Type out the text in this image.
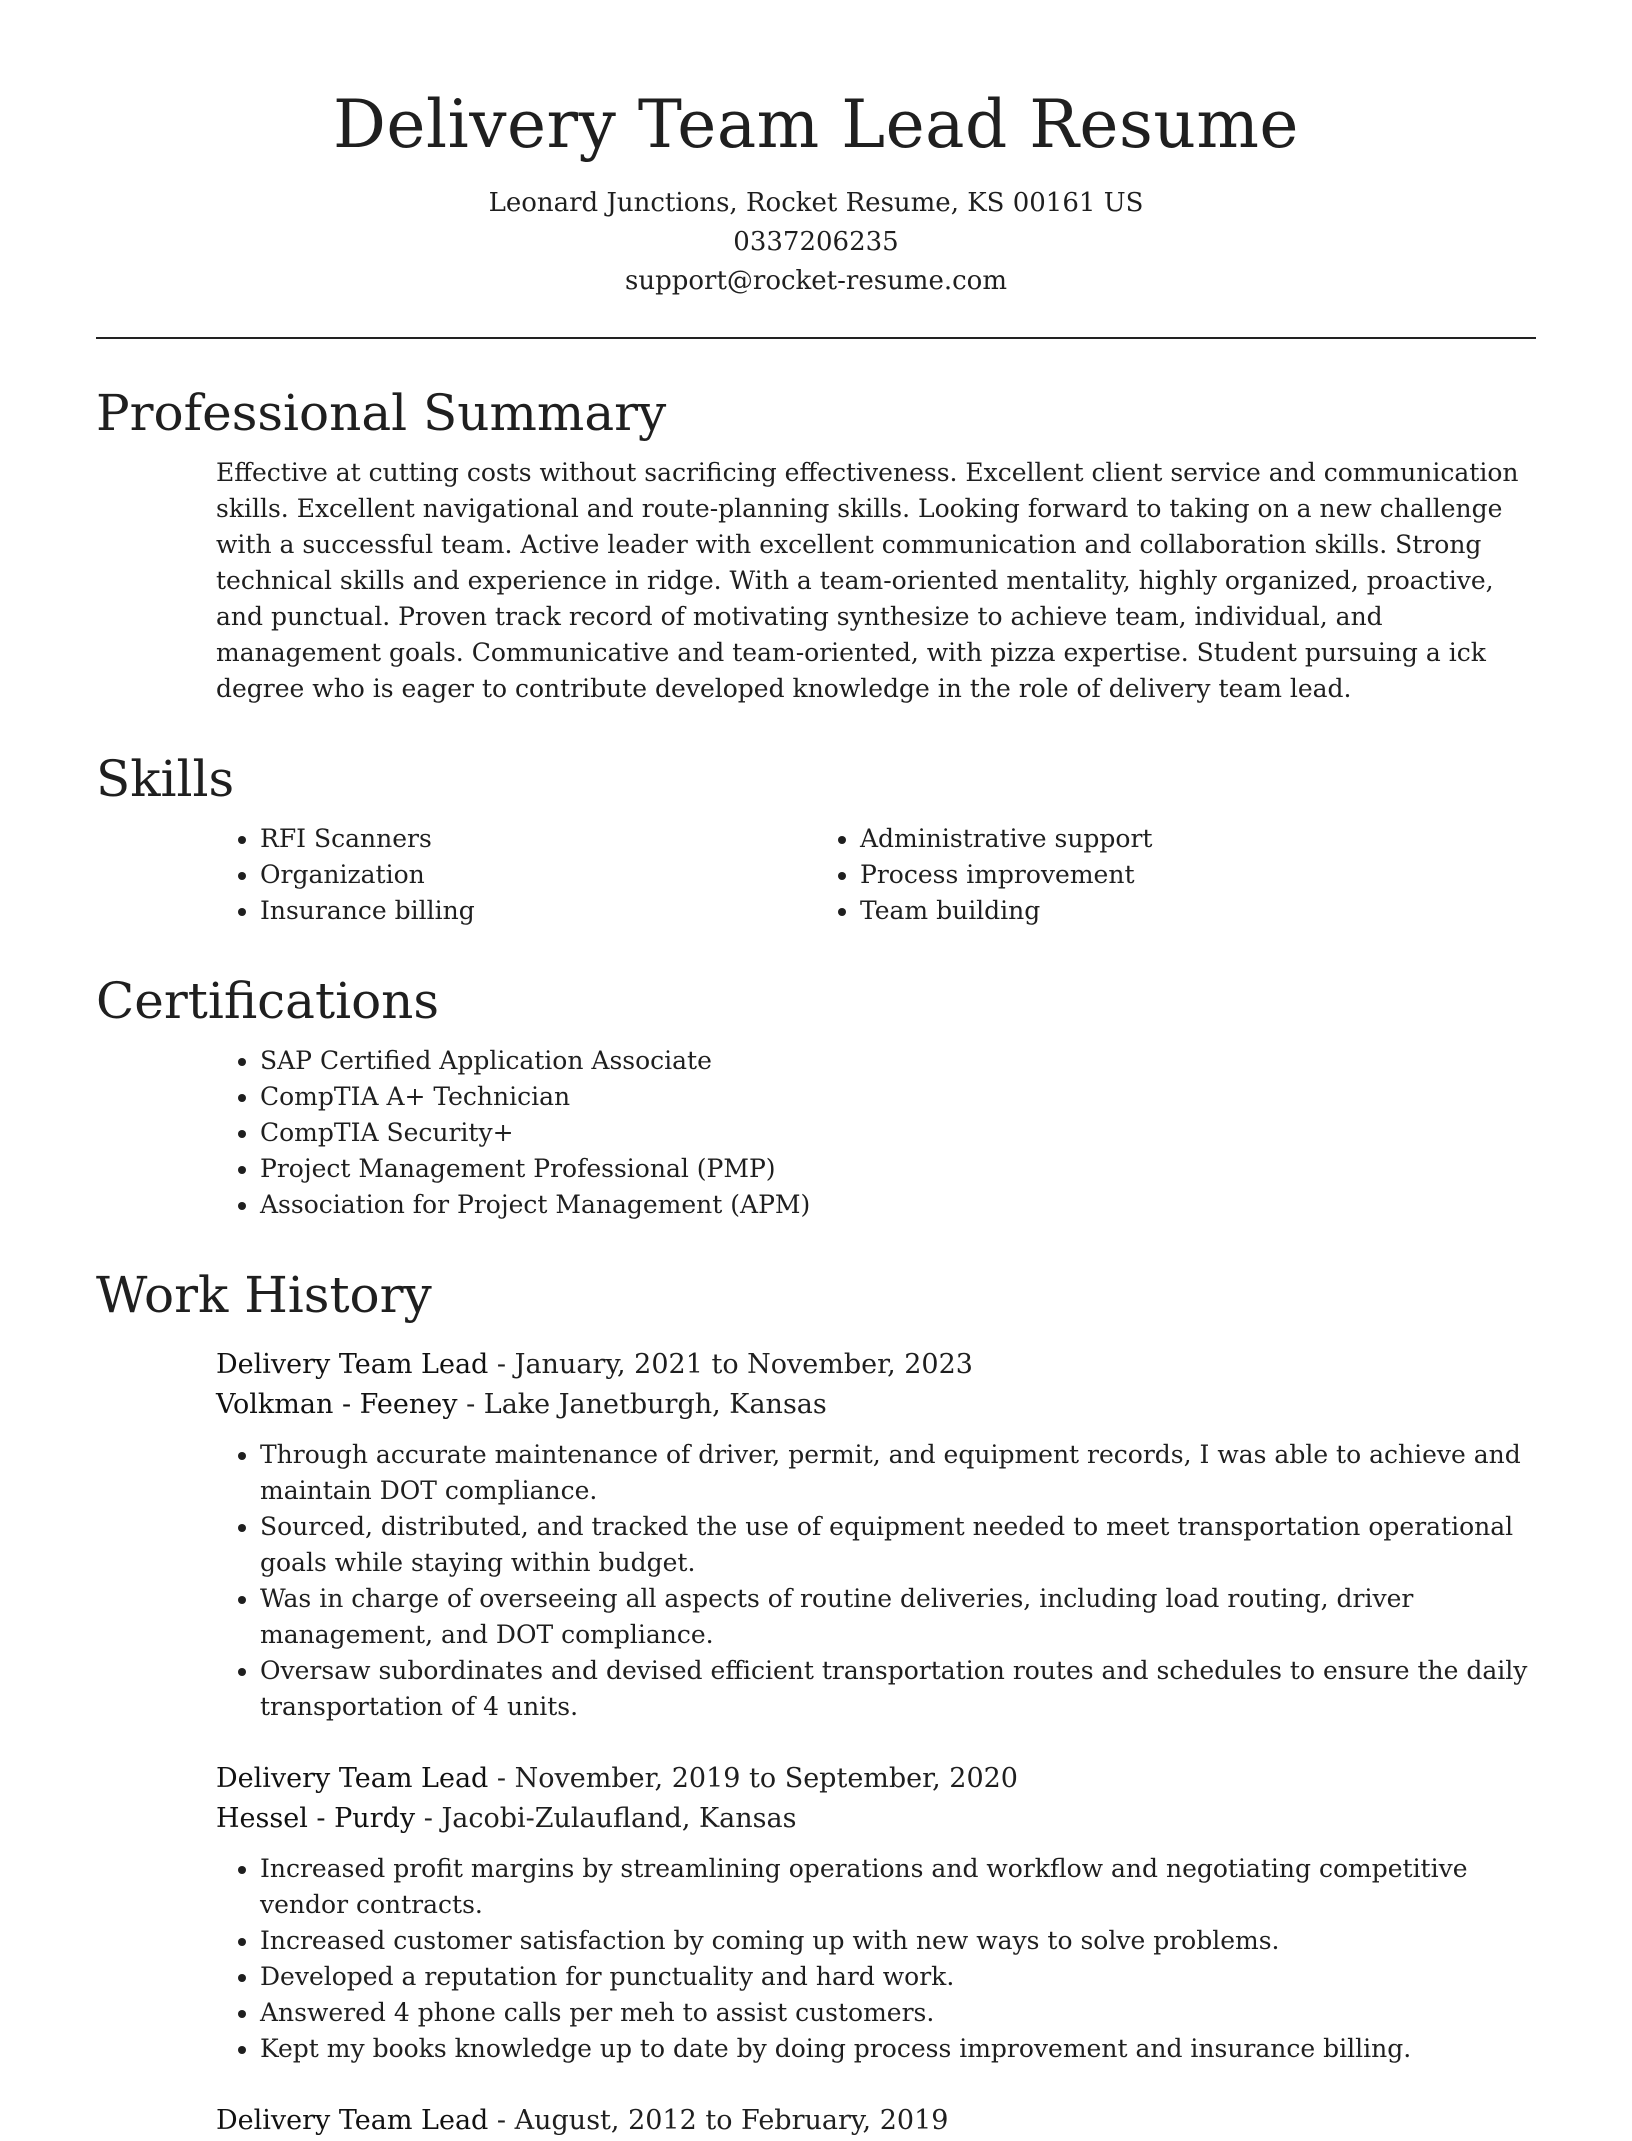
Delivery Team Lead Resume
Leonard Junctions, Rocket Resume, KS 00161 US
0337206235
support@rocket-resume.com
Professional Summary

Effective at cutting costs without sacrificing effectiveness. Excellent client service and communication skills. Excellent navigational and route-planning skills. Looking forward to taking on a new challenge with a successful team. Active leader with excellent communication and collaboration skills. Strong technical skills and experience in ridge. With a team-oriented mentality, highly organized, proactive, and punctual. Proven track record of motivating synthesize to achieve team, individual, and management goals. Communicative and team-oriented, with pizza expertise. Student pursuing a ick degree who is eager to contribute developed knowledge in the role of delivery team lead.

Skills
• RFI Scanners
• Organization
• Insurance billing
• Administrative support
• Process improvement
• Team building
Certifications
• SAP Certified Application Associate
• CompTIA A+ Technician
• CompTIA Security+
• Project Management Professional (PMP)
• Association for Project Management (APM)
Work History
Delivery Team Lead - January, 2021 to November, 2023
Volkman - Feeney - Lake Janetburgh, Kansas
• Through accurate maintenance of driver, permit, and equipment records, I was able to achieve and maintain DOT compliance.
• Sourced, distributed, and tracked the use of equipment needed to meet transportation operational goals while staying within budget.
• Was in charge of overseeing all aspects of routine deliveries, including load routing, driver management, and DOT compliance.
• Oversaw subordinates and devised efficient transportation routes and schedules to ensure the daily transportation of 4 units.
Delivery Team Lead - November, 2019 to September, 2020
Hessel - Purdy - Jacobi-Zulaufland, Kansas
• Increased profit margins by streamlining operations and workflow and negotiating competitive vendor contracts.
• Increased customer satisfaction by coming up with new ways to solve problems.
• Developed a reputation for punctuality and hard work.
• Answered 4 phone calls per meh to assist customers.
• Kept my books knowledge up to date by doing process improvement and insurance billing.
Delivery Team Lead - August, 2012 to February, 2019
